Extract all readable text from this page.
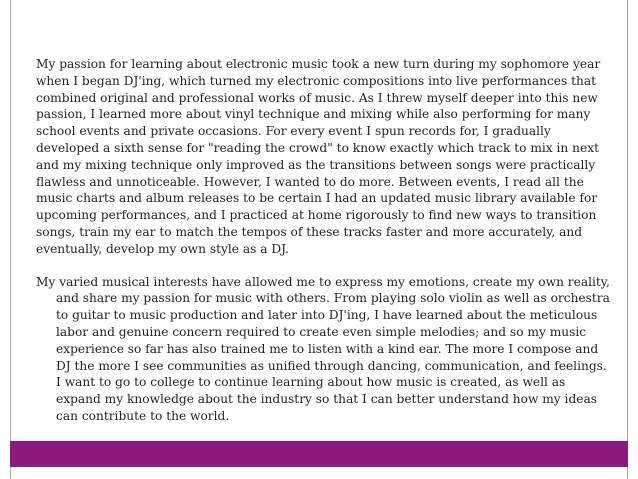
My passion for learning about electronic music took a new turn during my sophomore year when I began DJ'ing, which turned my electronic compositions into live performances that combined original and professional works of music. As I threw myself deeper into this new passion, I learned more about vinyl technique and mixing while also performing for many school events and private occasions. For every event I spun records for, I gradually developed a sixth sense for "reading the crowd" to know exactly which track to mix in next and my mixing technique only improved as the transitions between songs were practically flawless and unnoticeable. However, I wanted to do more. Between events, I read all the music charts and album releases to be certain I had an updated music library available for upcoming performances, and I practiced at home rigorously to find new ways to transition songs, train my ear to match the tempos of these tracks faster and more accurately, and eventually, develop my own style as a DJ.

My varied musical interests have allowed me to express my emotions, create my own reality, and share my passion for music with others. From playing solo violin as well as orchestra to guitar to music production and later into DJ'ing, I have learned about the meticulous labor and genuine concern required to create even simple melodies; and so my music experience so far has also trained me to listen with a kind ear. The more I compose and DJ the more I see communities as unified through dancing, communication, and feelings. I want to go to college to continue learning about how music is created, as well as expand my knowledge about the industry so that I can better understand how my ideas can contribute to the world.
